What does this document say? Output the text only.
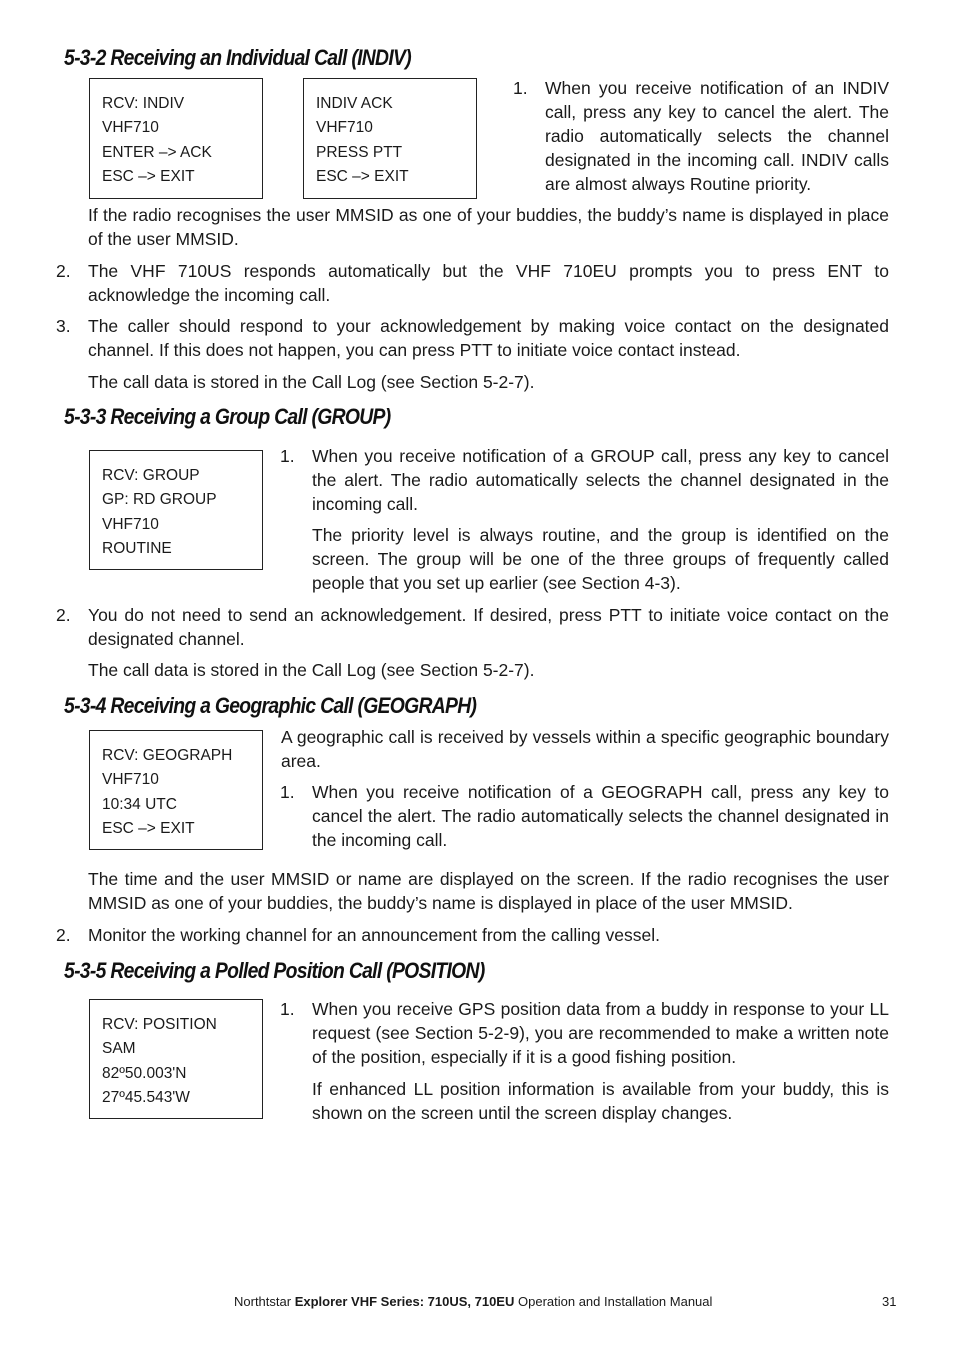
5-3-2 Receiving an Individual Call (INDIV)
RCV: INDIV
VHF710
ENTER –> ACK
ESC –> EXIT
INDIV ACK
VHF710
PRESS PTT
ESC –> EXIT
1. When you receive notification of an INDIV call, press any key to cancel the alert. The radio automatically selects the channel designated in the incoming call. INDIV calls are almost always Routine priority.

If the radio recognises the user MMSID as one of your buddies, the buddy’s name is displayed in place of the user MMSID.

2. The VHF 710US responds automatically but the VHF 710EU prompts you to press ENT to acknowledge the incoming call.

3. The caller should respond to your acknowledgement by making voice contact on the designated channel. If this does not happen, you can press PTT to initiate voice contact instead.

The call data is stored in the Call Log (see Section 5-2-7).

5-3-3 Receiving a Group Call (GROUP)
RCV: GROUP
GP: RD GROUP
VHF710
ROUTINE
1. When you receive notification of a GROUP call, press any key to cancel the alert. The radio automatically selects the channel designated in the incoming call.

The priority level is always routine, and the group is identified on the screen. The group will be one of the three groups of frequently called people that you set up earlier (see Section 4-3).

2. You do not need to send an acknowledgement. If desired, press PTT to initiate voice contact on the designated channel.

The call data is stored in the Call Log (see Section 5-2-7).

5-3-4 Receiving a Geographic Call (GEOGRAPH)
RCV: GEOGRAPH
VHF710
10:34 UTC
ESC –> EXIT

A geographic call is received by vessels within a specific geographic boundary area.

1. When you receive notification of a GEOGRAPH call, press any key to cancel the alert. The radio automatically selects the channel designated in the incoming call.

The time and the user MMSID or name are displayed on the screen. If the radio recognises the user MMSID as one of your buddies, the buddy’s name is displayed in place of the user MMSID.

2. Monitor the working channel for an announcement from the calling vessel.

5-3-5 Receiving a Polled Position Call (POSITION)
RCV: POSITION
SAM
82º50.003'N
27º45.543'W
1. When you receive GPS position data from a buddy in response to your LL request (see Section 5-2-9), you are recommended to make a written note of the position, especially if it is a good fishing position.

If enhanced LL position information is available from your buddy, this is shown on the screen until the screen display changes.

Northtstar Explorer VHF Series: 710US, 710EU Operation and Installation Manual	31
